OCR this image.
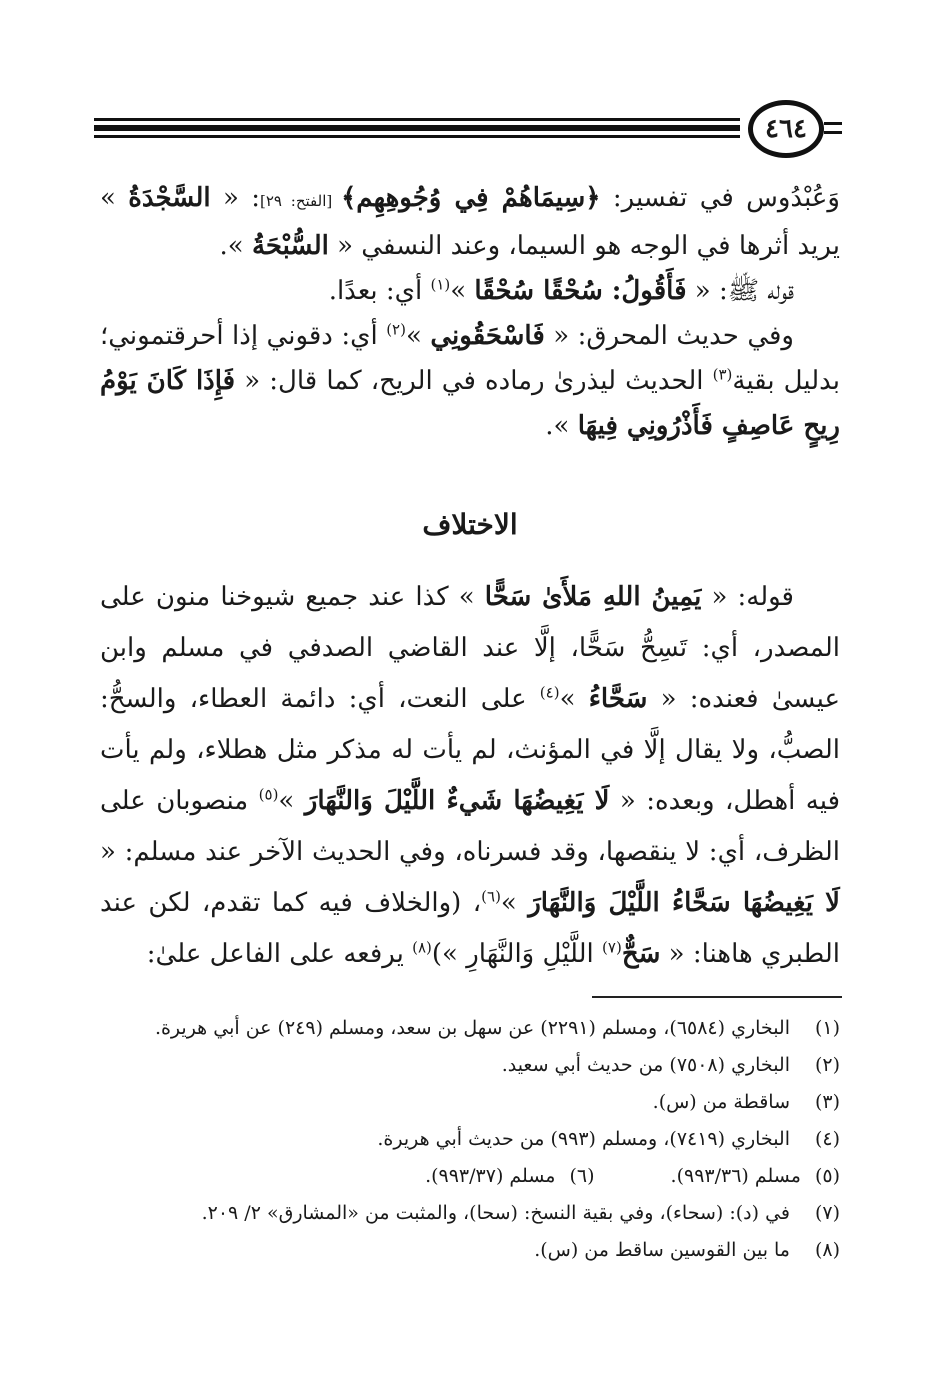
٤٦٤

وَعُبْدُوس في تفسير: ﴿سِيمَاهُمْ فِي وُجُوهِهِم﴾ [الفتح: ٢٩]: « السَّجْدَةُ » يريد أثرها في الوجه هو السيما، وعند النسفي « السُّبْحَةُ ».

قوله ﷺ: « فَأَقُولُ: سُحْقًا سُحْقًا »$^{(١)}$ أي: بعدًا.

وفي حديث المحرق: « فَاسْحَقُونِي »$^{(٢)}$ أي: دقوني إذا أحرقتموني؛ بدليل بقية$^{(٣)}$ الحديث ليذرىٰ رماده في الريح، كما قال: « فَإِذَا كَانَ يَوْمُ رِيحٍ عَاصِفٍ فَأَذْرُونِي فِيهَا ».

الاختلاف

قوله: « يَمِينُ اللهِ مَلأَىٰ سَحًّا » كذا عند جميع شيوخنا منون على المصدر، أي: تَسِحُّ سَحًّا، إلَّا عند القاضي الصدفي في مسلم وابن عيسىٰ فعنده: « سَحَّاءُ »$^{(٤)}$ على النعت، أي: دائمة العطاء، والسحُّ: الصبُّ، ولا يقال إلَّا في المؤنث، لم يأت له مذكر مثل هطلاء، ولم يأت فيه أهطل، وبعده: « لَا يَغِيضُهَا شَيءٌ اللَّيْلَ وَالنَّهَارَ »$^{(٥)}$ منصوبان على الظرف، أي: لا ينقصها، وقد فسرناه، وفي الحديث الآخر عند مسلم: « لَا يَغِيضُهَا سَحَّاءُ اللَّيْلَ وَالنَّهَارَ »$^{(٦)}$، (والخلاف فيه كما تقدم، لكن عند الطبري هاهنا: « سَحٌّ$^{(٧)}$ اللَّيْلِ وَالنَّهَارِ »)$^{(٨)}$ يرفعه على الفاعل علىٰ:

(١)
البخاري (٦٥٨٤)، ومسلم (٢٢٩١) عن سهل بن سعد، ومسلم (٢٤٩) عن أبي هريرة.
(٢)
البخاري (٧٥٠٨) من حديث أبي سعيد.
(٣)
ساقطة من (س).
(٤)
البخاري (٧٤١٩)، ومسلم (٩٩٣) من حديث أبي هريرة.
(٥)
مسلم (٩٩٣/٣٦).
(٦)
مسلم (٩٩٣/٣٧).
(٧)
في (د): (سحاء)، وفي بقية النسخ: (سحا)، والمثبت من «المشارق» ٢/ ٢٠٩.
(٨)
ما بين القوسين ساقط من (س).
